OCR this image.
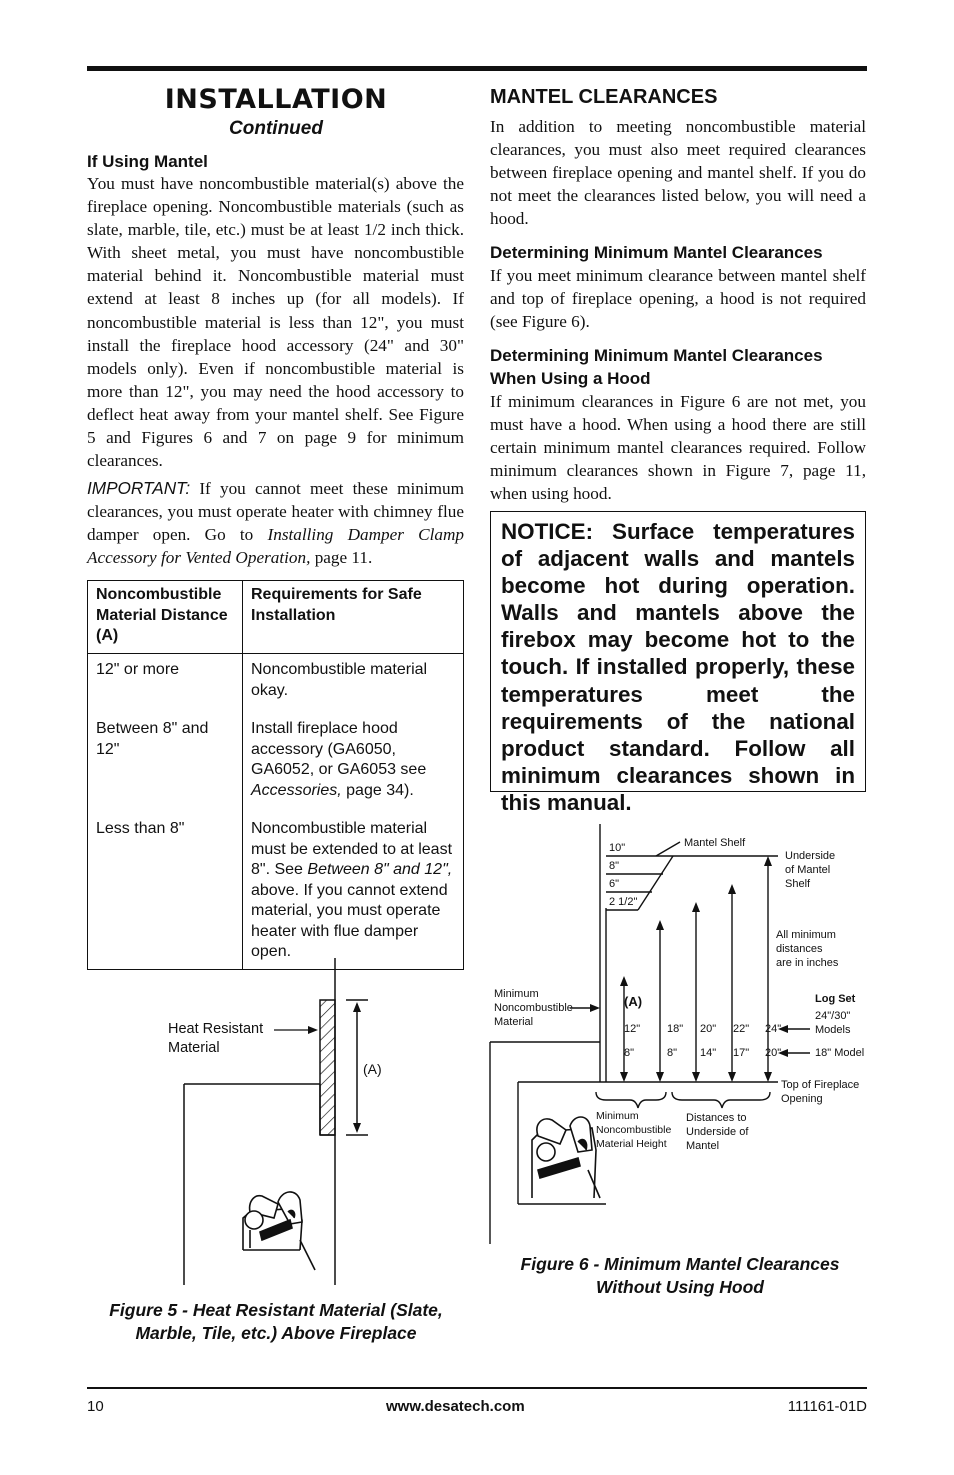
INSTALLATION
Continued
If Using Mantel
You must have noncombustible material(s) above the fireplace opening. Noncombustible materials (such as slate, marble, tile, etc.) must be at least 1/2 inch thick. With sheet metal, you must have noncombustible material behind it. Noncombustible material must extend at least 8 inches up (for all models). If noncombustible material is less than 12", you must install the fireplace hood accessory (24" and 30" models only). Even if noncombustible material is more than 12", you may need the hood accessory to deflect heat away from your mantel shelf. See Figure 5 and Figures 6 and 7 on page 9 for minimum clearances.
IMPORTANT: If you cannot meet these minimum clearances, you must operate heater with chimney flue damper open. Go to Installing Damper Clamp Accessory for Vented Operation, page 11.
Noncombustible Material Distance (A)	Requirements for Safe Installation
12" or more	Noncombustible material okay.
Between 8" and 12"	Install fireplace hood accessory (GA6050, GA6052, or GA6053 see Accessories, page 34).
Less than 8"	Noncombustible material must be extended to at least 8". See Between 8" and 12", above. If you cannot extend material, you must operate heater with flue damper open.
Heat Resistant
Material
(A)
Figure 5 - Heat Resistant Material (Slate,
Marble, Tile, etc.) Above Fireplace
MANTEL CLEARANCES
In addition to meeting noncombustible material clearances, you must also meet required clearances between fireplace opening and mantel shelf. If you do not meet the clearances listed below, you will need a hood.
Determining Minimum Mantel Clearances
If you meet minimum clearance between mantel shelf and top of fireplace opening, a hood is not required (see Figure 6).
Determining Minimum Mantel Clearances When Using a Hood
If minimum clearances in Figure 6 are not met, you must have a hood. When using a hood there are still certain minimum mantel clearances required. Follow minimum clearances shown in Figure 7, page 11, when using hood.
NOTICE: Surface temperatures of adjacent walls and mantels become hot during operation. Walls and mantels above the firebox may become hot to the touch. If installed properly, these temperatures meet the requirements of the national product standard. Follow all minimum clearances shown in this manual.
10"
8"
6"
2 1/2"
Mantel Shelf
Underside
of Mantel
Shelf
All minimum
distances
are in inches
Minimum
Noncombustible
Material
(A)	Log Set
24"/30"
Models
18" Model
12" 18" 20" 22" 24"
8"	8" 14" 17" 20"
Top of Fireplace
Opening
Minimum
Noncombustible
Material Height
Distances to
Underside of
Mantel
Figure 6 - Minimum Mantel Clearances
Without Using Hood
10	www.desatech.com	111161-01D
